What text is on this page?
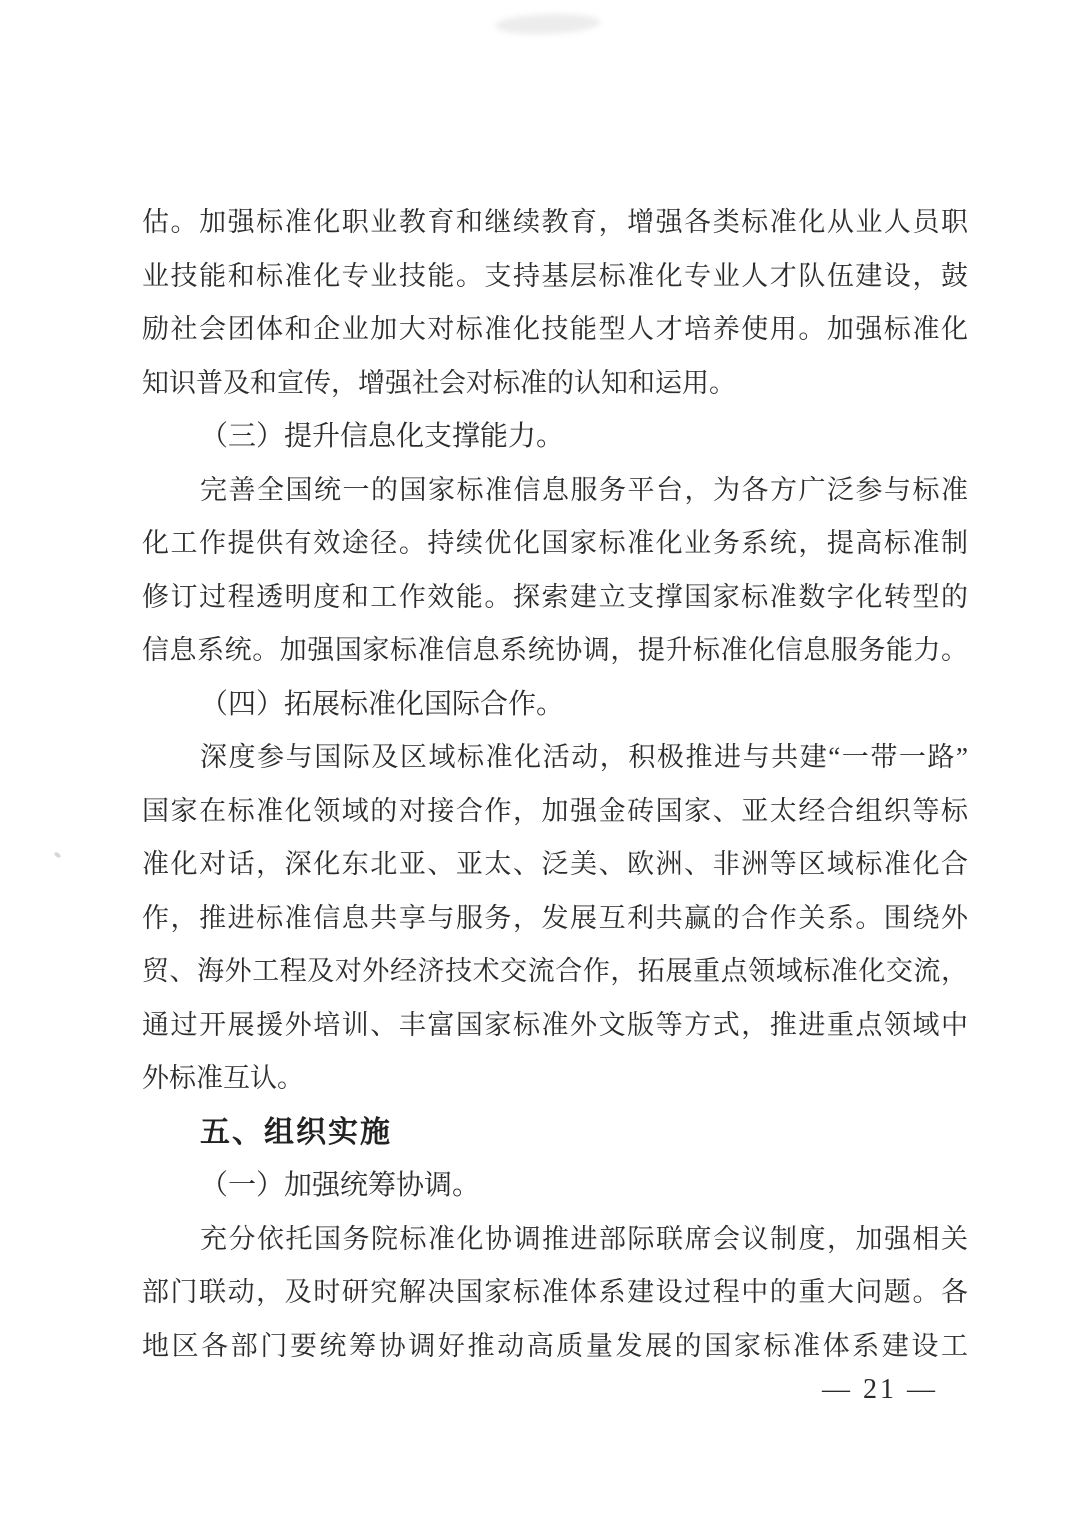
估。加强标准化职业教育和继续教育，增强各类标准化从业人员职
业技能和标准化专业技能。支持基层标准化专业人才队伍建设，鼓
励社会团体和企业加大对标准化技能型人才培养使用。加强标准化
知识普及和宣传，增强社会对标准的认知和运用。
（三）提升信息化支撑能力。
完善全国统一的国家标准信息服务平台，为各方广泛参与标准
化工作提供有效途径。持续优化国家标准化业务系统，提高标准制
修订过程透明度和工作效能。探索建立支撑国家标准数字化转型的
信息系统。加强国家标准信息系统协调，提升标准化信息服务能力。
（四）拓展标准化国际合作。
深度参与国际及区域标准化活动，积极推进与共建“一带一路”
国家在标准化领域的对接合作，加强金砖国家、亚太经合组织等标
准化对话，深化东北亚、亚太、泛美、欧洲、非洲等区域标准化合
作，推进标准信息共享与服务，发展互利共赢的合作关系。围绕外
贸、海外工程及对外经济技术交流合作，拓展重点领域标准化交流，
通过开展援外培训、丰富国家标准外文版等方式，推进重点领域中
外标准互认。
五、组织实施
（一）加强统筹协调。
充分依托国务院标准化协调推进部际联席会议制度，加强相关
部门联动，及时研究解决国家标准体系建设过程中的重大问题。各
地区各部门要统筹协调好推动高质量发展的国家标准体系建设工
— 21 —
